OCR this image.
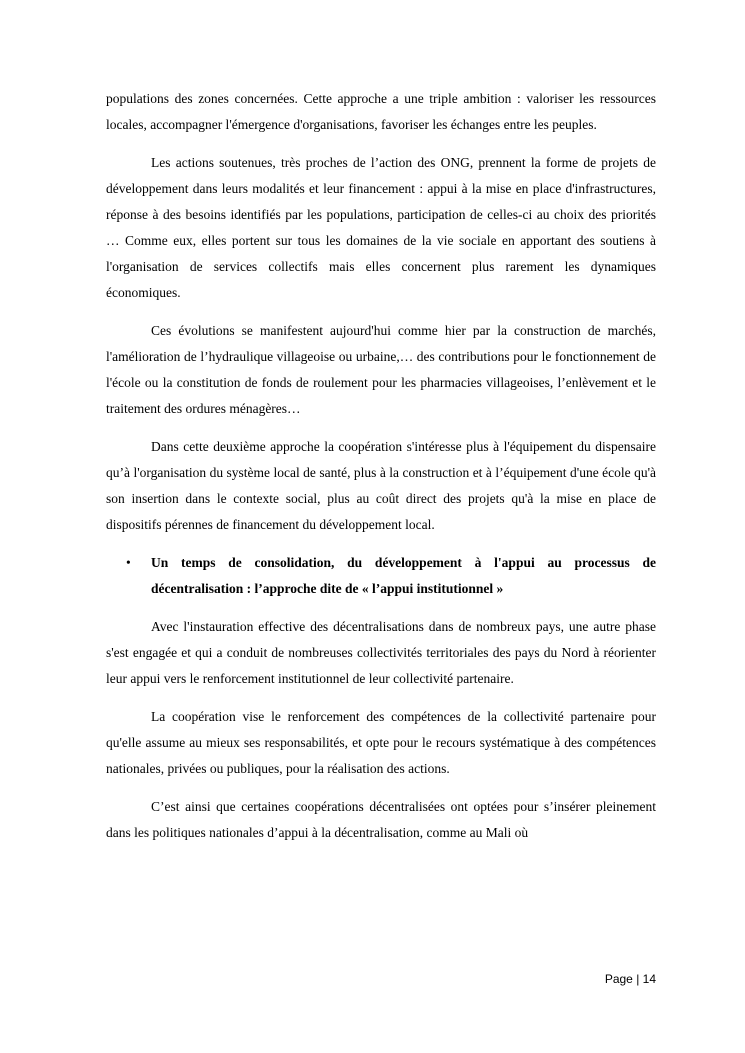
populations des zones concernées. Cette approche a une triple ambition : valoriser les ressources locales, accompagner l'émergence d'organisations, favoriser les échanges entre les peuples.

Les actions soutenues, très proches de l’action des ONG, prennent la forme de projets de développement dans leurs modalités et leur financement : appui à la mise en place d'infrastructures, réponse à des besoins identifiés par les populations, participation de celles-ci au choix des priorités … Comme eux, elles portent sur tous les domaines de la vie sociale en apportant des soutiens à l'organisation de services collectifs mais elles concernent plus rarement les dynamiques économiques.

Ces évolutions se manifestent aujourd'hui comme hier par la construction de marchés, l'amélioration de l’hydraulique villageoise ou urbaine,… des contributions pour le fonctionnement de l'école ou la constitution de fonds de roulement pour les pharmacies villageoises, l’enlèvement et le traitement des ordures ménagères…

Dans cette deuxième approche la coopération s'intéresse plus à l'équipement du dispensaire qu’à l'organisation du système local de santé, plus à la construction et à l’équipement d'une école qu'à son insertion dans le contexte social, plus au coût direct des projets qu'à la mise en place de dispositifs pérennes de financement du développement local.

• Un temps de consolidation, du développement à l'appui au processus de décentralisation : l’approche dite de « l’appui institutionnel »

Avec l'instauration effective des décentralisations dans de nombreux pays, une autre phase s'est engagée et qui a conduit de nombreuses collectivités territoriales des pays du Nord à réorienter leur appui vers le renforcement institutionnel de leur collectivité partenaire.

La coopération vise le renforcement des compétences de la collectivité partenaire pour qu'elle assume au mieux ses responsabilités, et opte pour le recours systématique à des compétences nationales, privées ou publiques, pour la réalisation des actions.

C’est ainsi que certaines coopérations décentralisées ont optées pour s’insérer pleinement dans les politiques nationales d’appui à la décentralisation, comme au Mali où

Page | 14
